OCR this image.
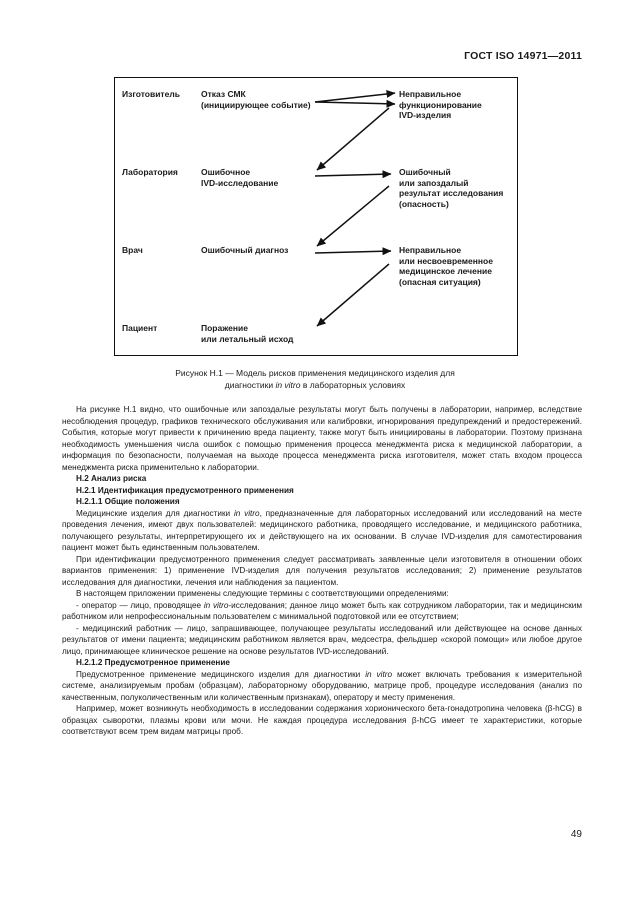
ГОСТ ISO 14971—2011
Изготовитель Отказ СМК
(инициирующее событие)
Неправильное
функционирование
IVD-изделия
Лаборатория	Ошибочное
IVD-исследование
Ошибочный
или запоздалый
результат исследования
(опасность)
Врач	Ошибочный диагноз	Неправильное
или несвоевременное
медицинское лечение
(опасная ситуация)
Пациент	Поражение
или летальный исход
Рисунок Н.1 — Модель рисков применения медицинского изделия для
диагностики in vitro в лабораторных условиях

На рисунке Н.1 видно, что ошибочные или запоздалые результаты могут быть получены в лаборатории, например, вследствие несоблюдения процедур, графиков технического обслуживания или калибровки, игнорирования предупреждений и предостережений. События, которые могут привести к причинению вреда пациенту, также могут быть инициированы в лаборатории. Поэтому признана необходимость уменьшения числа ошибок с помощью применения процесса менеджмента риска к медицинской лаборатории, а информация по безопасности, получаемая на выходе процесса менеджмента риска изготовителя, может стать входом процесса менеджмента риска применительно к лаборатории.

Н.2 Анализ риска

Н.2.1 Идентификация предусмотренного применения

Н.2.1.1 Общие положения

Медицинские изделия для диагностики in vitro, предназначенные для лабораторных исследований или исследований на месте проведения лечения, имеют двух пользователей: медицинского работника, проводящего исследование, и медицинского работника, получающего результаты, интерпретирующего их и действующего на их основании. В случае IVD-изделия для самотестирования пациент может быть единственным пользователем.

При идентификации предусмотренного применения следует рассматривать заявленные цели изготовителя в отношении обоих вариантов применения: 1) применение IVD-изделия для получения результатов исследования; 2) применение результатов исследования для диагностики, лечения или наблюдения за пациентом.

В настоящем приложении применены следующие термины с соответствующими определениями:

- оператор — лицо, проводящее in vitro-исследования; данное лицо может быть как сотрудником лаборатории, так и медицинским работником или непрофессиональным пользователем с минимальной подготовкой или ее отсутствием;

- медицинский работник — лицо, запрашивающее, получающее результаты исследований или действующее на основе данных результатов от имени пациента; медицинским работником является врач, медсестра, фельдшер «скорой помощи» или любое другое лицо, принимающее клиническое решение на основе результатов IVD-исследований.

Н.2.1.2 Предусмотренное применение

Предусмотренное применение медицинского изделия для диагностики in vitro может включать требования к измерительной системе, анализируемым пробам (образцам), лабораторному оборудованию, матрице проб, процедуре исследования (анализ по качественным, полуколичественным или количественным признакам), оператору и месту применения.

Например, может возникнуть необходимость в исследовании содержания хорионического бета-гонадотропина человека (β-hCG) в образцах сыворотки, плазмы крови или мочи. Не каждая процедура исследования β-hCG имеет те характеристики, которые соответствуют всем трем видам матрицы проб.

49
